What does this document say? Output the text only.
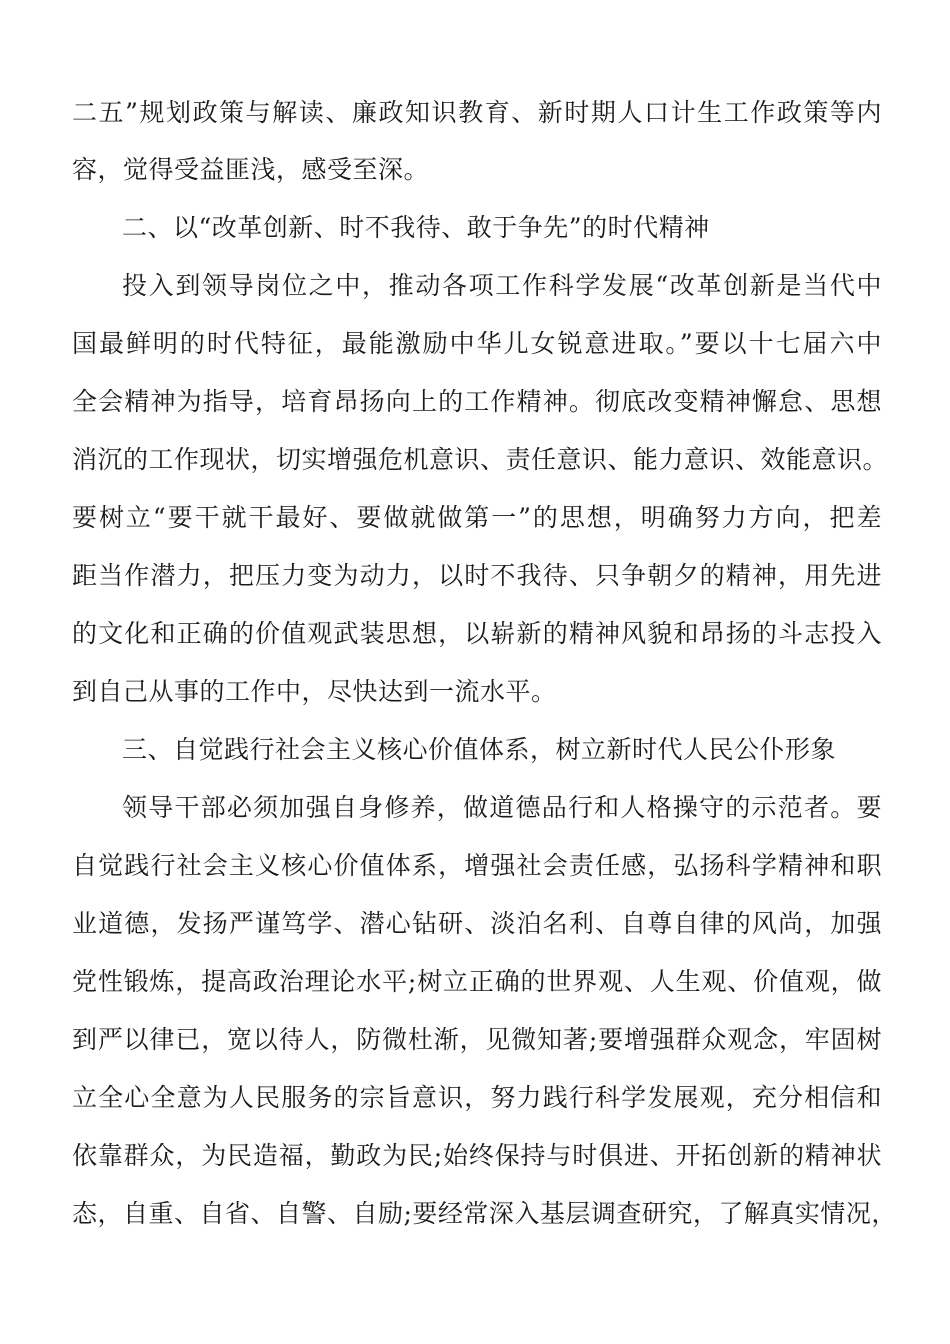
二五”规划政策与解读、廉政知识教育、新时期人口计生工作政策等内
容，觉得受益匪浅，感受至深。
二、以“改革创新、时不我待、敢于争先”的时代精神
投入到领导岗位之中，推动各项工作科学发展“改革创新是当代中
国最鲜明的时代特征，最能激励中华儿女锐意进取。”要以十七届六中
全会精神为指导，培育昂扬向上的工作精神。彻底改变精神懈怠、思想
消沉的工作现状，切实增强危机意识、责任意识、能力意识、效能意识。
要树立“要干就干最好、要做就做第一”的思想，明确努力方向，把差
距当作潜力，把压力变为动力，以时不我待、只争朝夕的精神，用先进
的文化和正确的价值观武装思想，以崭新的精神风貌和昂扬的斗志投入
到自己从事的工作中，尽快达到一流水平。
三、自觉践行社会主义核心价值体系，树立新时代人民公仆形象
领导干部必须加强自身修养，做道德品行和人格操守的示范者。要
自觉践行社会主义核心价值体系，增强社会责任感，弘扬科学精神和职
业道德，发扬严谨笃学、潜心钻研、淡泊名利、自尊自律的风尚，加强
党性锻炼，提高政治理论水平;树立正确的世界观、人生观、价值观，做
到严以律已，宽以待人，防微杜渐，见微知著;要增强群众观念，牢固树
立全心全意为人民服务的宗旨意识，努力践行科学发展观，充分相信和
依靠群众，为民造福，勤政为民;始终保持与时俱进、开拓创新的精神状
态，自重、自省、自警、自励;要经常深入基层调查研究，了解真实情况，
